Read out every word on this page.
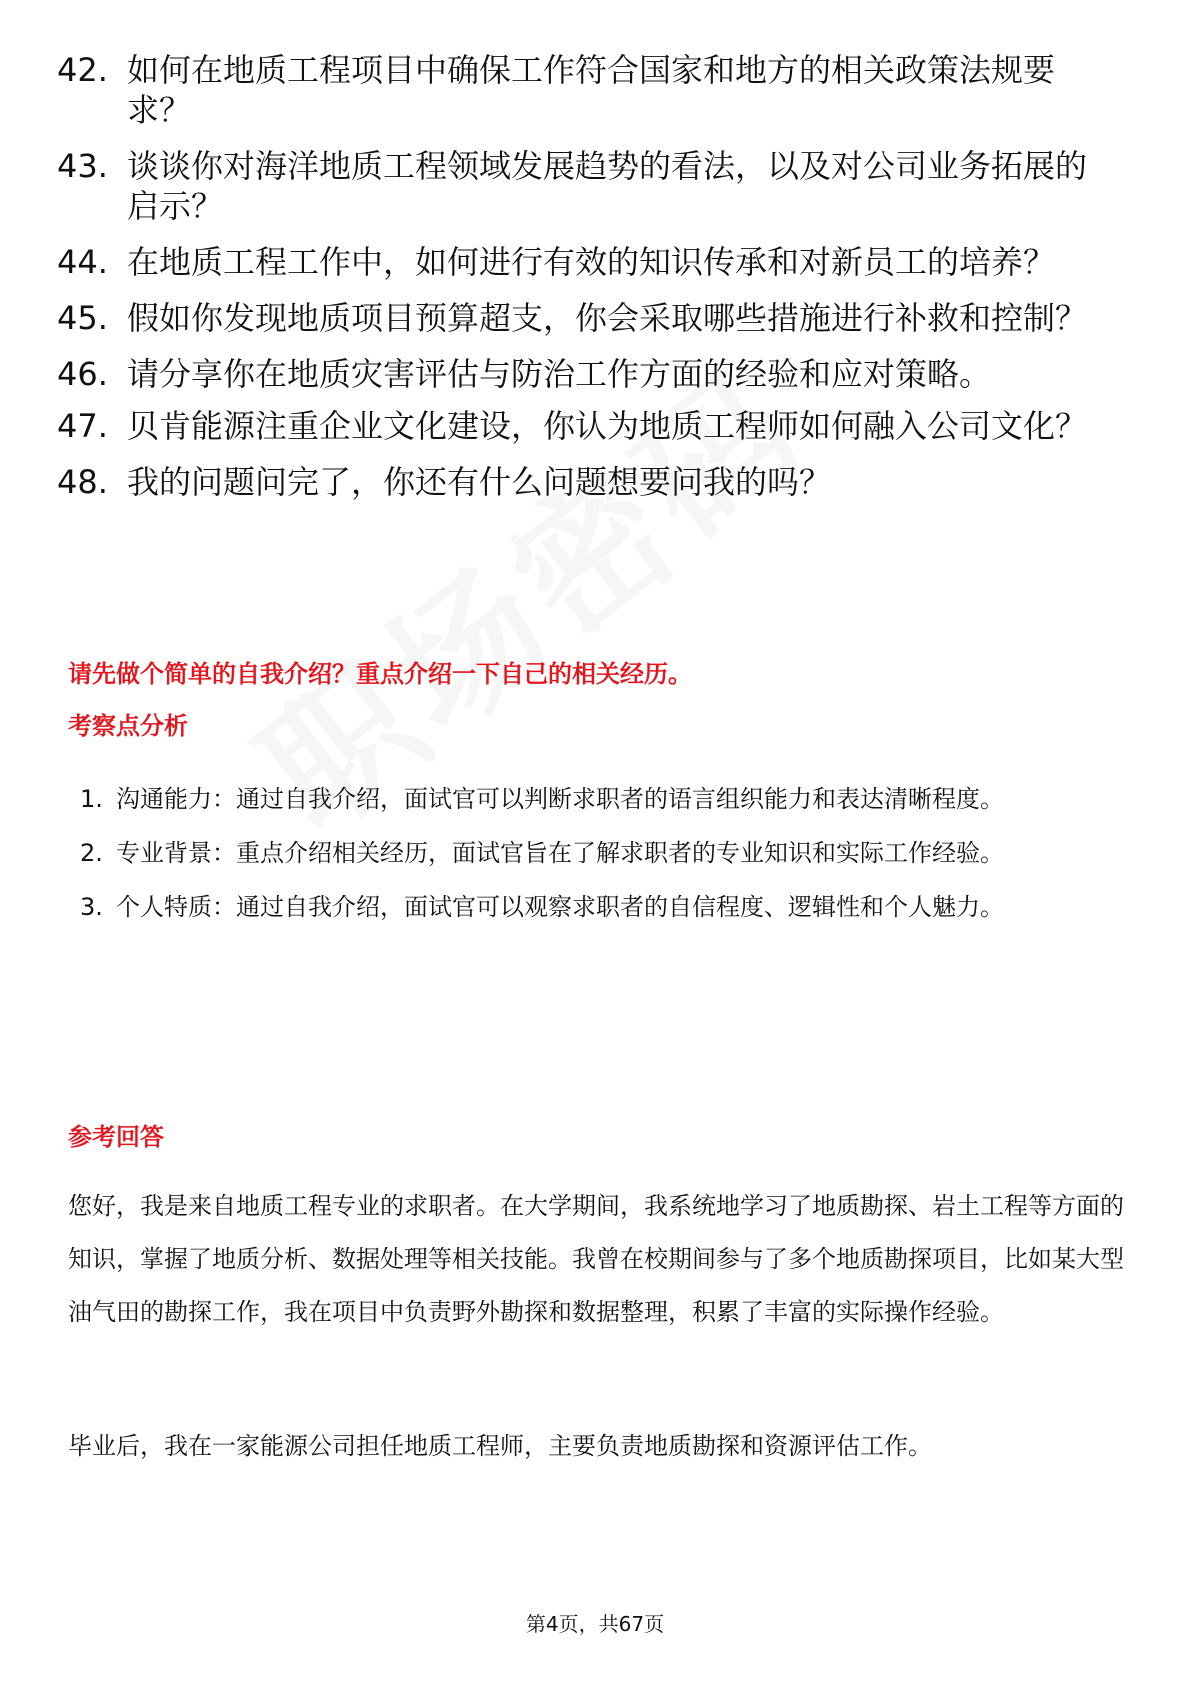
42. 如何在地质工程项目中确保工作符合国家和地方的相关政策法规要求？
43. 谈谈你对海洋地质工程领域发展趋势的看法，以及对公司业务拓展的启示？
44. 在地质工程工作中，如何进行有效的知识传承和对新员工的培养？
45. 假如你发现地质项目预算超支，你会采取哪些措施进行补救和控制？
46. 请分享你在地质灾害评估与防治工作方面的经验和应对策略。
47. 贝肯能源注重企业文化建设，你认为地质工程师如何融入公司文化？
48. 我的问题问完了，你还有什么问题想要问我的吗？
请先做个简单的自我介绍？重点介绍一下自己的相关经历。
考察点分析
1. 沟通能力：通过自我介绍，面试官可以判断求职者的语言组织能力和表达清晰程度。
2. 专业背景：重点介绍相关经历，面试官旨在了解求职者的专业知识和实际工作经验。
3. 个人特质：通过自我介绍，面试官可以观察求职者的自信程度、逻辑性和个人魅力。
参考回答

您好，我是来自地质工程专业的求职者。在大学期间，我系统地学习了地质勘探、岩土工程等方面的知识，掌握了地质分析、数据处理等相关技能。我曾在校期间参与了多个地质勘探项目，比如某大型油气田的勘探工作，我在项目中负责野外勘探和数据整理，积累了丰富的实际操作经验。

毕业后，我在一家能源公司担任地质工程师，主要负责地质勘探和资源评估工作。

第4页，共67页
